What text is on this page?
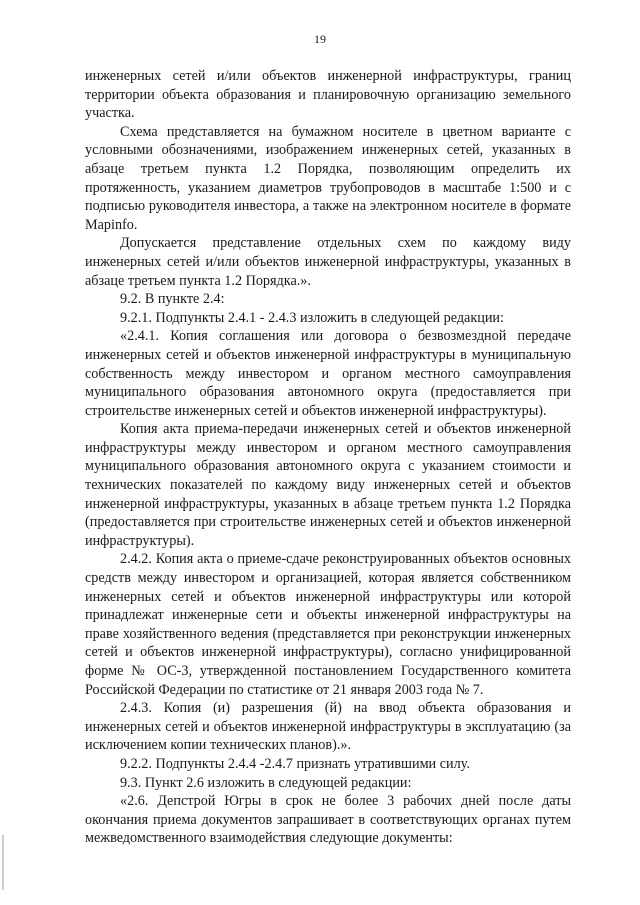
19

инженерных сетей и/или объектов инженерной инфраструктуры, границ территории объекта образования и планировочную организацию земельного участка.

Схема представляется на бумажном носителе в цветном варианте с условными обозначениями, изображением инженерных сетей, указанных в абзаце третьем пункта 1.2 Порядка, позволяющим определить их протяженность, указанием диаметров трубопроводов в масштабе 1:500 и с подписью руководителя инвестора, а также на электронном носителе в формате Mapinfo.

Допускается представление отдельных схем по каждому виду инженерных сетей и/или объектов инженерной инфраструктуры, указанных в абзаце третьем пункта 1.2 Порядка.».

9.2. В пункте 2.4:

9.2.1. Подпункты 2.4.1 - 2.4.3 изложить в следующей редакции:

«2.4.1. Копия соглашения или договора о безвозмездной передаче инженерных сетей и объектов инженерной инфраструктуры в муниципальную собственность между инвестором и органом местного самоуправления муниципального образования автономного округа (предоставляется при строительстве инженерных сетей и объектов инженерной инфраструктуры).

Копия акта приема-передачи инженерных сетей и объектов инженерной инфраструктуры между инвестором и органом местного самоуправления муниципального образования автономного округа с указанием стоимости и технических показателей по каждому виду инженерных сетей и объектов инженерной инфраструктуры, указанных в абзаце третьем пункта 1.2 Порядка (предоставляется при строительстве инженерных сетей и объектов инженерной инфраструктуры).

2.4.2. Копия акта о приеме-сдаче реконструированных объектов основных средств между инвестором и организацией, которая является собственником инженерных сетей и объектов инженерной инфраструктуры или которой принадлежат инженерные сети и объекты инженерной инфраструктуры на праве хозяйственного ведения (представляется при реконструкции инженерных сетей и объектов инженерной инфраструктуры), согласно унифицированной форме № ОС-3, утвержденной постановлением Государственного комитета Российской Федерации по статистике от 21 января 2003 года № 7.

2.4.3. Копия (и) разрешения (й) на ввод объекта образования и инженерных сетей и объектов инженерной инфраструктуры в эксплуатацию (за исключением копии технических планов).».

9.2.2. Подпункты 2.4.4 -2.4.7 признать утратившими силу.

9.3. Пункт 2.6 изложить в следующей редакции:

«2.6. Депстрой Югры в срок не более 3 рабочих дней после даты окончания приема документов запрашивает в соответствующих органах путем межведомственного взаимодействия следующие документы:
